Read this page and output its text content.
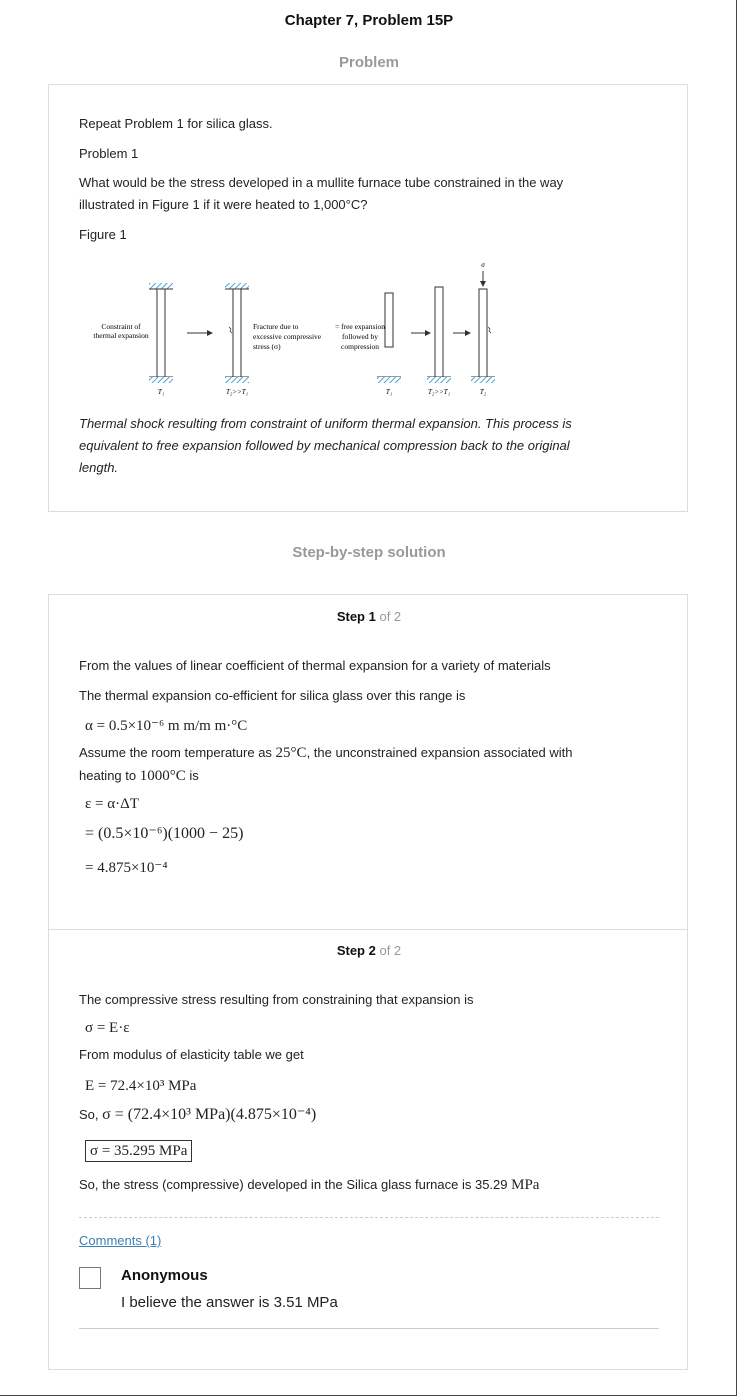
Chapter 7, Problem 15P
Problem
Repeat Problem 1 for silica glass.
Problem 1
What would be the stress developed in a mullite furnace tube constrained in the way
illustrated in Figure 1 if it were heated to 1,000°C?
Figure 1
T₁
Constraint of
thermal expansion
T₂>>T₁
Fracture due to
excessive compressive
stress (σ)
= free expansion
followed by
compression
T₁	T₂>>T₁
σ
T₂
Thermal shock resulting from constraint of uniform thermal expansion. This process is
equivalent to free expansion followed by mechanical compression back to the original
length.
Step-by-step solution
Step 1 of 2
From the values of linear coefficient of thermal expansion for a variety of materials
The thermal expansion co-efficient for silica glass over this range is
α = 0.5×10⁻⁶ m m/m m·°C
Assume the room temperature as 25°C, the unconstrained expansion associated with
heating to 1000°C is
ε = α·ΔT
= (0.5×10⁻⁶)(1000 − 25)
= 4.875×10⁻⁴
Step 2 of 2
The compressive stress resulting from constraining that expansion is
σ = E·ε
From modulus of elasticity table we get
E = 72.4×10³ MPa
So, σ = (72.4×10³ MPa)(4.875×10⁻⁴)
σ = 35.295 MPa
So, the stress (compressive) developed in the Silica glass furnace is 35.29 MPa
Comments (1)
Anonymous
I believe the answer is 3.51 MPa
